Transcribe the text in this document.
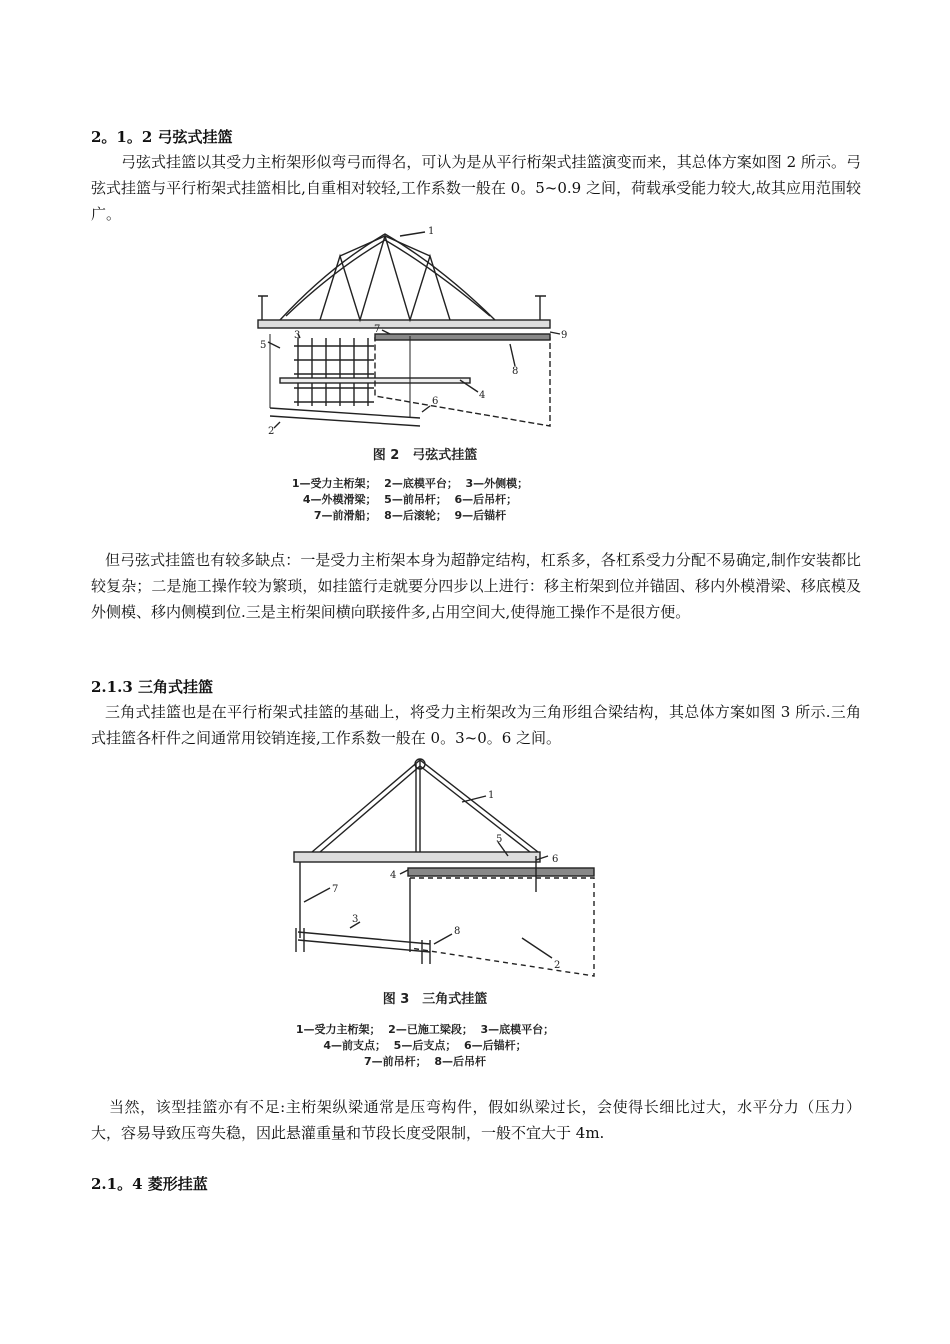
2。1。2 弓弦式挂篮
弓弦式挂篮以其受力主桁架形似弯弓而得名，可认为是从平行桁架式挂篮演变而来，其总体方案如图 2 所示。弓弦式挂篮与平行桁架式挂篮相比,自重相对较轻,工作系数一般在 0。5~0.9 之间，荷载承受能力较大,故其应用范围较广。
1
2
3
4
5
6
7
8
9
图 2　弓弦式挂篮
1—受力主桁架；  2—底模平台；  3—外侧模；
4—外模滑梁；  5—前吊杆；  6—后吊杆；
7—前滑船；  8—后滚轮；  9—后锚杆
但弓弦式挂篮也有较多缺点：一是受力主桁架本身为超静定结构，杠系多，各杠系受力分配不易确定,制作安装都比较复杂；二是施工操作较为繁琐，如挂篮行走就要分四步以上进行：移主桁架到位并锚固、移内外模滑梁、移底模及外侧模、移内侧模到位.三是主桁架间横向联接件多,占用空间大,使得施工操作不是很方便。
2.1.3 三角式挂篮
三角式挂篮也是在平行桁架式挂篮的基础上，将受力主桁架改为三角形组合梁结构，其总体方案如图 3 所示.三角式挂篮各杆件之间通常用铰销连接,工作系数一般在 0。3~0。6 之间。
1
2
3
4
5
6
7
8
图 3　三角式挂篮
1—受力主桁架；  2—已施工梁段；  3—底模平台；
4—前支点；  5—后支点；  6—后锚杆；
7—前吊杆；  8—后吊杆
当然，该型挂篮亦有不足:主桁架纵梁通常是压弯构件，假如纵梁过长，会使得长细比过大，水平分力（压力）大，容易导致压弯失稳，因此悬灌重量和节段长度受限制，一般不宜大于 4m.
2.1。4 菱形挂蓝
